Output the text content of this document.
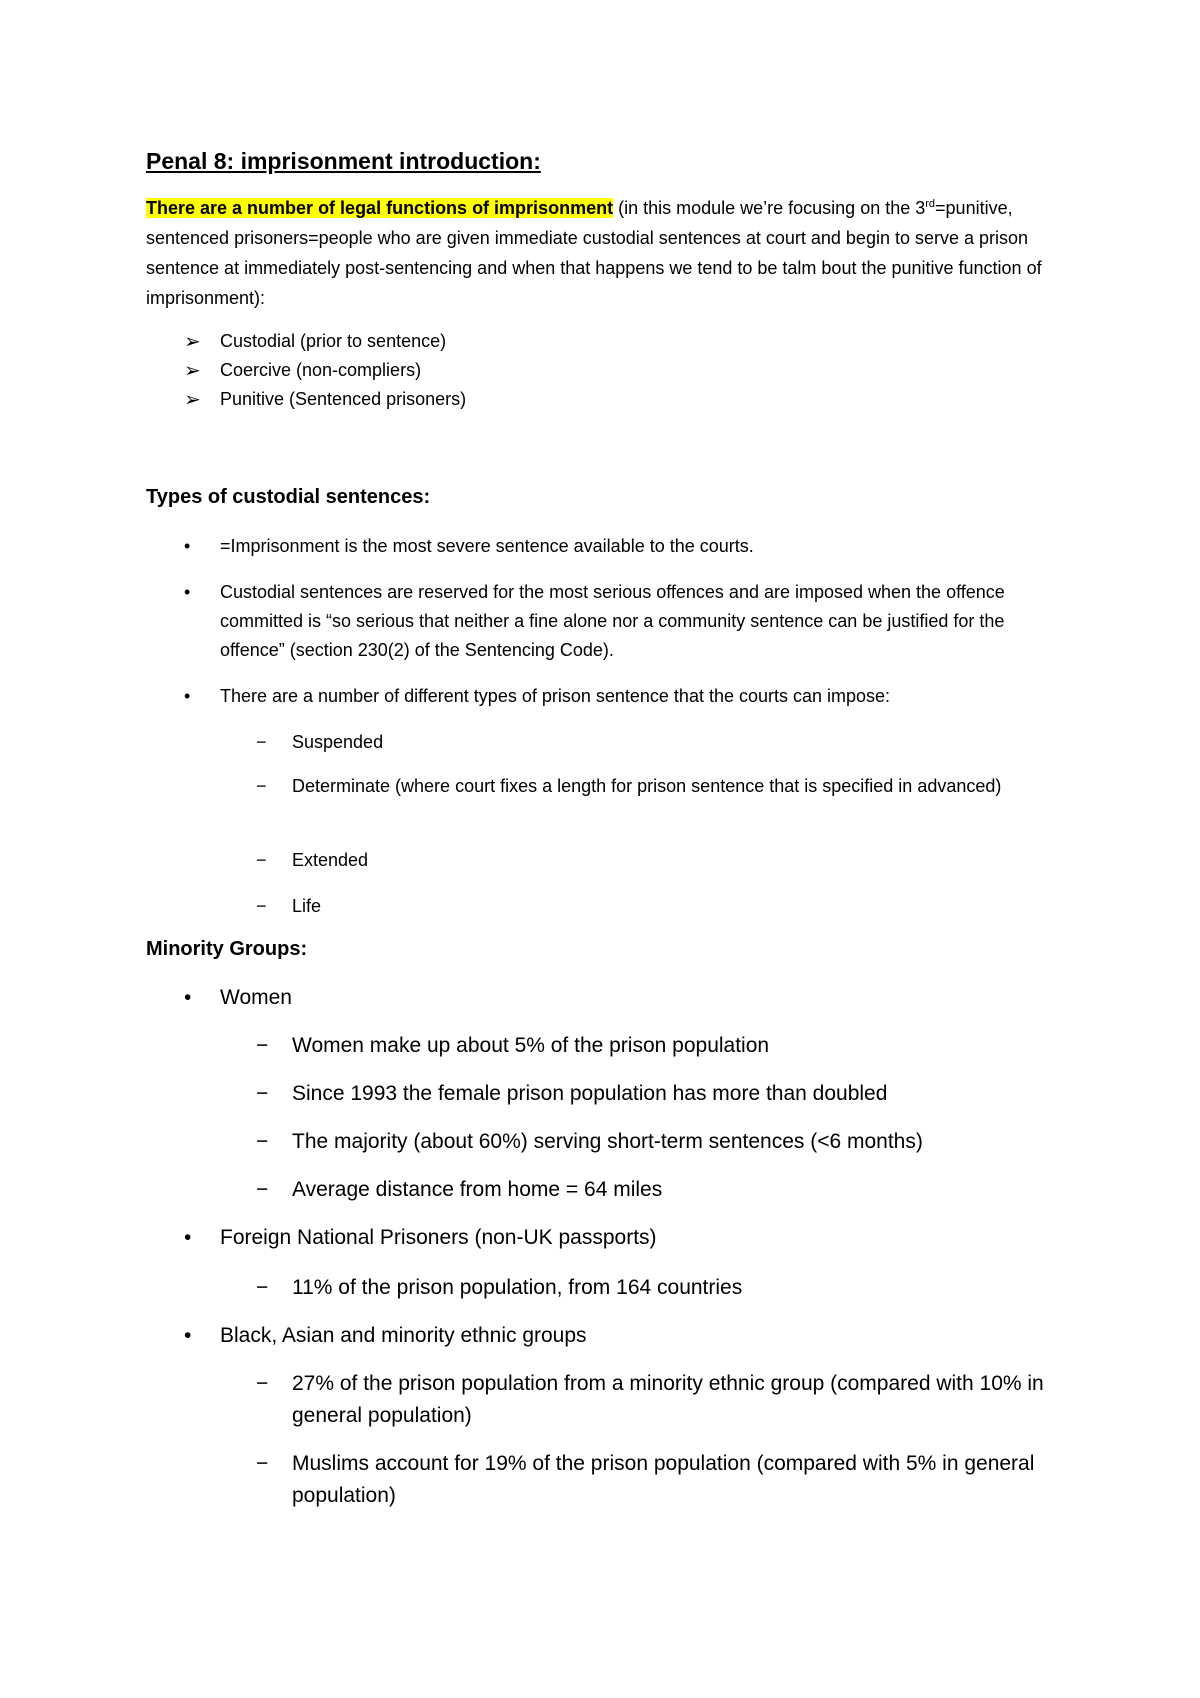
Penal 8: imprisonment introduction:

There are a number of legal functions of imprisonment (in this module we’re focusing on the 3rd=punitive, sentenced prisoners=people who are given immediate custodial sentences at court and begin to serve a prison sentence at immediately post-sentencing and when that happens we tend to be talm bout the punitive function of imprisonment):

➢	Custodial (prior to sentence)
➢	Coercive (non-compliers)
➢	Punitive (Sentenced prisoners)
Types of custodial sentences:
• =Imprisonment is the most severe sentence available to the courts.
• Custodial sentences are reserved for the most serious offences and are imposed when the offence committed is “so serious that neither a fine alone nor a community sentence can be justified for the offence” (section 230(2) of the Sentencing Code).
• There are a number of different types of prison sentence that the courts can impose:
− Suspended
− Determinate (where court fixes a length for prison sentence that is specified in advanced)
− Extended
− Life
Minority Groups:
• Women
− Women make up about 5% of the prison population
− Since 1993 the female prison population has more than doubled
− The majority (about 60%) serving short-term sentences (<6 months)
− Average distance from home = 64 miles
• Foreign National Prisoners (non-UK passports)
− 11% of the prison population, from 164 countries
• Black, Asian and minority ethnic groups
− 27% of the prison population from a minority ethnic group (compared with 10% in general population)
− Muslims account for 19% of the prison population (compared with 5% in general population)
